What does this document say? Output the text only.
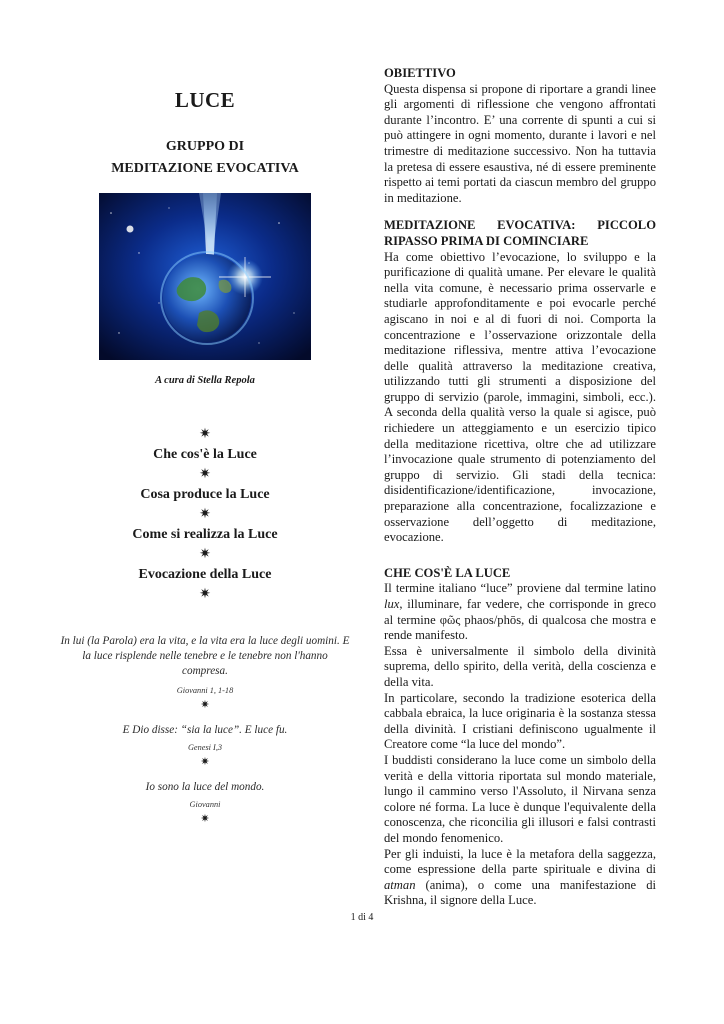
LUCE
GRUPPO DI
MEDITAZIONE EVOCATIVA
A cura di Stella Repola
✷
Che cos'è la Luce
✷
Cosa produce la Luce
✷
Come si realizza la Luce
✷
Evocazione della Luce
✷
In lui (la Parola) era la vita, e la vita era la luce degli uomini. E la luce risplende nelle tenebre e le tenebre non l'hanno compresa.
Giovanni 1, 1-18
✷
E Dio disse: “sia la luce”. E luce fu.
Genesi I,3
✷
Io sono la luce del mondo.
Giovanni
✷
OBIETTIVO

Questa dispensa si propone di riportare a grandi linee gli argomenti di riflessione che vengono affrontati durante l’incontro. E’ una corrente di spunti a cui si può attingere in ogni momento, durante i lavori e nel trimestre di meditazione successivo. Non ha tuttavia la pretesa di essere esaustiva, né di essere preminente rispetto ai temi portati da ciascun membro del gruppo in meditazione.

MEDITAZIONE EVOCATIVA: PICCOLO RIPASSO PRIMA DI COMINCIARE

Ha come obiettivo l’evocazione, lo sviluppo e la purificazione di qualità umane. Per elevare le qualità nella vita comune, è necessario prima osservarle e studiarle approfonditamente e poi evocarle perché agiscano in noi e al di fuori di noi. Comporta la concentrazione e l’osservazione orizzontale della meditazione riflessiva, mentre attiva l’evocazione delle qualità attraverso la meditazione creativa, utilizzando tutti gli strumenti a disposizione del gruppo di servizio (parole, immagini, simboli, ecc.). A seconda della qualità verso la quale si agisce, può richiedere un atteggiamento e un esercizio tipico della meditazione ricettiva, oltre che ad utilizzare l’invocazione quale strumento di potenziamento del gruppo di servizio. Gli stadi della tecnica: disidentificazione/identificazione, invocazione, preparazione alla concentrazione, focalizzazione e osservazione dell’oggetto di meditazione, evocazione.

CHE COS'È LA LUCE

Il termine italiano “luce” proviene dal termine latino lux, illuminare, far vedere, che corrisponde in greco al termine φῶς phaos/phōs, di qualcosa che mostra e rende manifesto.

Essa è universalmente il simbolo della divinità suprema, dello spirito, della verità, della coscienza e della vita.

In particolare, secondo la tradizione esoterica della cabbala ebraica, la luce originaria è la sostanza stessa della divinità. I cristiani definiscono ugualmente il Creatore come “la luce del mondo”.

I buddisti considerano la luce come un simbolo della verità e della vittoria riportata sul mondo materiale, lungo il cammino verso l'Assoluto, il Nirvana senza colore né forma. La luce è dunque l'equivalente della conoscenza, che riconcilia gli illusori e falsi contrasti del mondo fenomenico.

Per gli induisti, la luce è la metafora della saggezza, come espressione della parte spirituale e divina di atman (anima), o come una manifestazione di Krishna, il signore della Luce.

1 di 4
